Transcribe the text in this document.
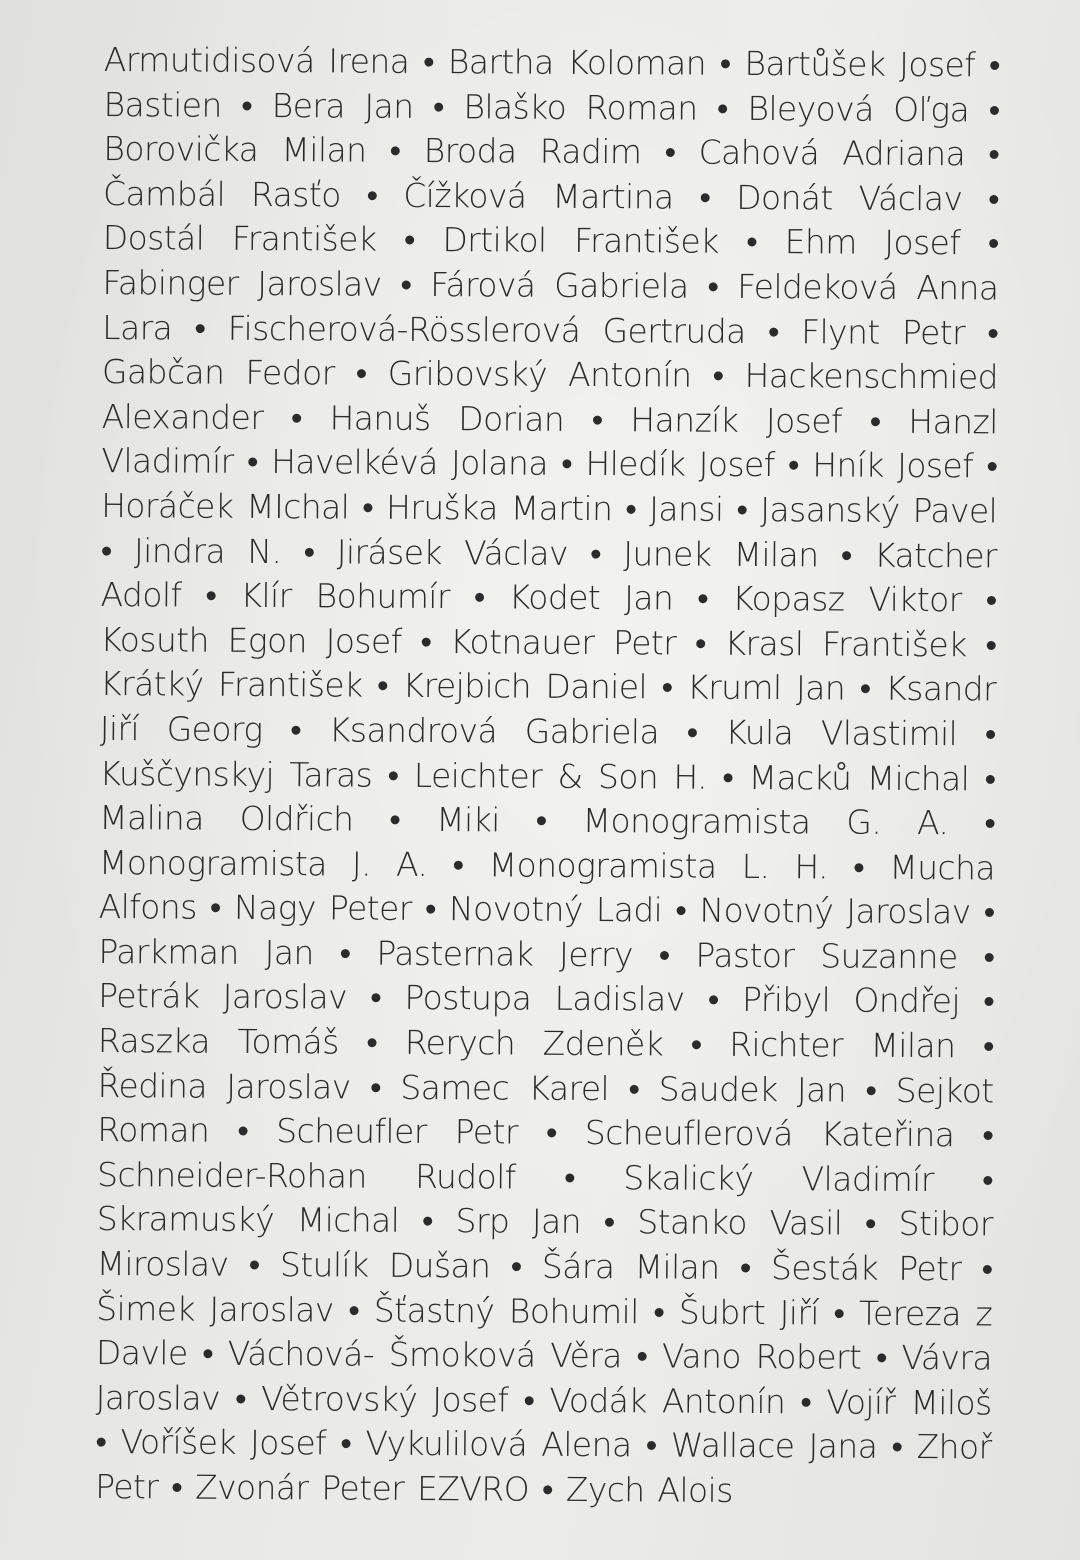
Armutidisová Irena • Bartha Koloman • Bartůšek Josef • Bastien • Bera Jan • Blaško Roman • Bleyová Oľga • Borovička Milan • Broda Radim • Cahová Adriana • Čambál Rasťo • Čížková Martina • Donát Václav • Dostál František • Drtikol František • Ehm Josef • Fabinger Jaroslav • Fárová Gabriela • Feldeková Anna Lara • Fischerová-Rösslerová Gertruda • Flynt Petr • Gabčan Fedor • Gribovský Antonín • Hackenschmied Alexander • Hanuš Dorian • Hanzík Josef • Hanzl Vladimír • Havelkévá Jolana • Hledík Josef • Hník Josef • Horáček MIchal • Hruška Martin • Jansi • Jasanský Pavel • Jindra N. • Jirásek Václav • Junek Milan • Katcher Adolf • Klír Bohumír • Kodet Jan • Kopasz Viktor • Kosuth Egon Josef • Kotnauer Petr • Krasl František • Krátký František • Krejbich Daniel • Kruml Jan • Ksandr Jiří Georg • Ksandrová Gabriela • Kula Vlastimil • Kuščynskyj Taras • Leichter & Son H. • Macků Michal • Malina Oldřich • Miki • Monogramista G. A. • Monogramista J. A. • Monogramista L. H. • Mucha Alfons • Nagy Peter • Novotný Ladi • Novotný Jaroslav • Parkman Jan • Pasternak Jerry • Pastor Suzanne • Petrák Jaroslav • Postupa Ladislav • Přibyl Ondřej • Raszka Tomáš • Rerych Zdeněk • Richter Milan • Ředina Jaroslav • Samec Karel • Saudek Jan • Sejkot Roman • Scheufler Petr • Scheuflerová Kateřina • Schneider-Rohan Rudolf • Skalický Vladimír • Skramuský Michal • Srp Jan • Stanko Vasil • Stibor Miroslav • Stulík Dušan • Šára Milan • Šesták Petr • Šimek Jaroslav • Šťastný Bohumil • Šubrt Jiří • Tereza z Davle • Váchová- Šmoková Věra • Vano Robert • Vávra Jaroslav • Větrovský Josef • Vodák Antonín • Vojíř Miloš • Voříšek Josef • Vykulilová Alena • Wallace Jana • Zhoř Petr • Zvonár Peter EZVRO • Zych Alois
